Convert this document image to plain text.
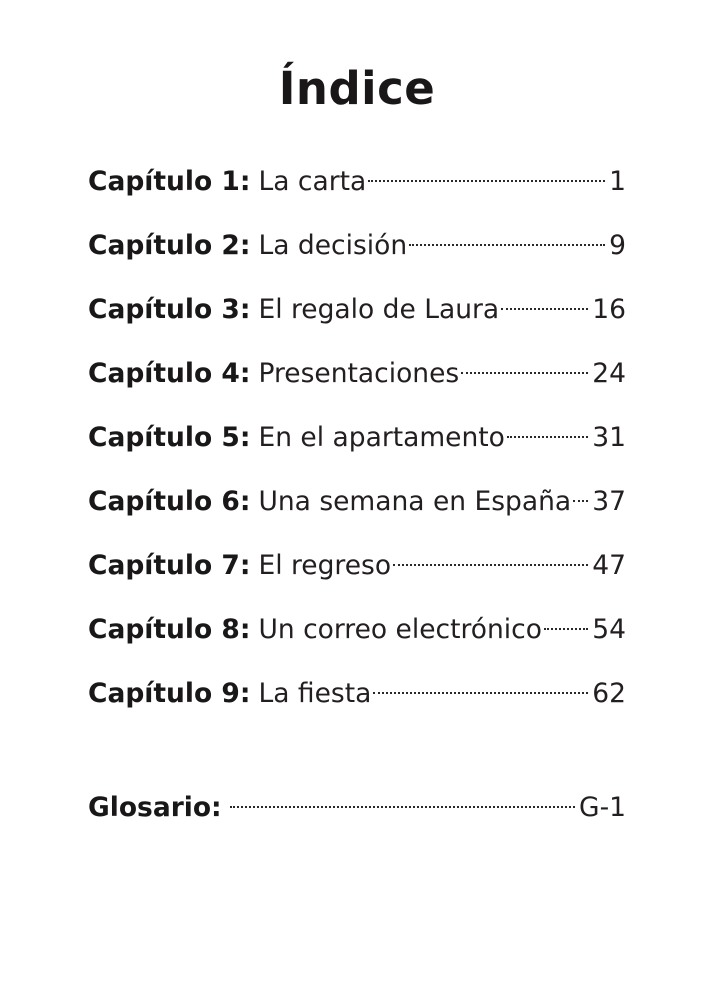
Índice
Capítulo 1: La carta	1
Capítulo 2: La decisión	9
Capítulo 3: El regalo de Laura	16
Capítulo 4: Presentaciones	24
Capítulo 5: En el apartamento	31
Capítulo 6: Una semana en España 37
Capítulo 7: El regreso	47
Capítulo 8: Un correo electrónico 54
Capítulo 9: La fiesta	62
Glosario:	G-1
